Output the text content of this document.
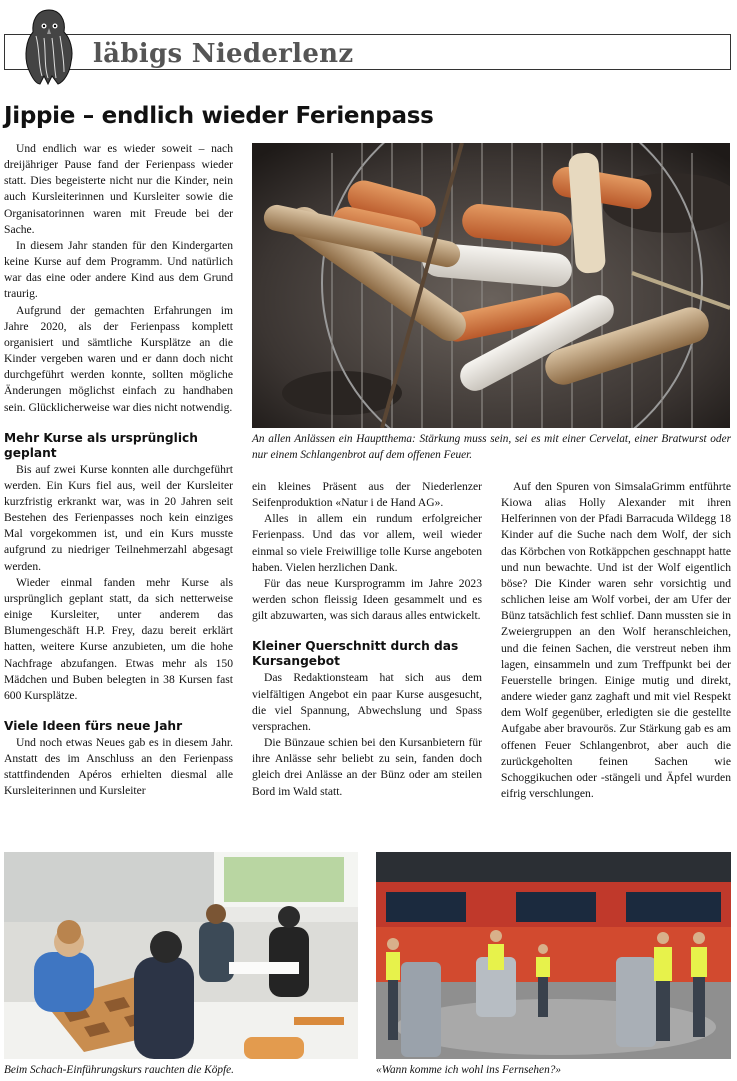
läbigs Niederlenz
Jippie – endlich wieder Ferienpass

Und endlich war es wieder soweit – nach dreijähriger Pause fand der Ferienpass wieder statt. Dies begeisterte nicht nur die Kinder, nein auch Kursleiterinnen und Kursleiter sowie die Organisatorinnen waren mit Freude bei der Sache.

In diesem Jahr standen für den Kindergarten keine Kurse auf dem Programm. Und natürlich war das eine oder andere Kind aus dem Grund traurig.

Aufgrund der gemachten Erfahrungen im Jahre 2020, als der Ferienpass komplett organisiert und sämtliche Kursplätze an die Kinder vergeben waren und er dann doch nicht durchgeführt werden konnte, sollten mögliche Änderungen möglichst einfach zu handhaben sein. Glücklicherweise war dies nicht notwendig.

Mehr Kurse als ursprünglich geplant

Bis auf zwei Kurse konnten alle durchgeführt werden. Ein Kurs fiel aus, weil der Kursleiter kurzfristig erkrankt war, was in 20 Jahren seit Bestehen des Ferienpasses noch kein einziges Mal vorgekommen ist, und ein Kurs musste aufgrund zu niedriger Teilnehmerzahl abgesagt werden.

Wieder einmal fanden mehr Kurse als ursprünglich geplant statt, da sich netterweise einige Kursleiter, unter anderem das Blumengeschäft H.P. Frey, dazu bereit erklärt hatten, weitere Kurse anzubieten, um die hohe Nachfrage abzufangen. Etwas mehr als 150 Mädchen und Buben belegten in 38 Kursen fast 600 Kursplätze.

Viele Ideen fürs neue Jahr

Und noch etwas Neues gab es in diesem Jahr. Anstatt des im Anschluss an den Ferienpass stattfindenden Apéros erhielten diesmal alle Kursleiterinnen und Kursleiter

An allen Anlässen ein Hauptthema: Stärkung muss sein, sei es mit einer Cervelat, einer Bratwurst oder nur einem Schlangenbrot auf dem offenen Feuer.

ein kleines Präsent aus der Niederlenzer Seifenproduktion «Natur i de Hand AG».

Alles in allem ein rundum erfolgreicher Ferienpass. Und das vor allem, weil wieder einmal so viele Freiwillige tolle Kurse angeboten haben. Vielen herzlichen Dank.

Für das neue Kursprogramm im Jahre 2023 werden schon fleissig Ideen gesammelt und es gilt abzuwarten, was sich daraus alles entwickelt.

Kleiner Querschnitt durch das Kursangebot

Das Redaktionsteam hat sich aus dem vielfältigen Angebot ein paar Kurse ausgesucht, die viel Spannung, Abwechslung und Spass versprachen.

Die Bünzaue schien bei den Kursanbietern für ihre Anlässe sehr beliebt zu sein, fanden doch gleich drei Anlässe an der Bünz oder am steilen Bord im Wald statt.

Auf den Spuren von SimsalaGrimm entführte Kiowa alias Holly Alexander mit ihren Helferinnen von der Pfadi Barracuda Wildegg 18 Kinder auf die Suche nach dem Wolf, der sich das Körbchen von Rotkäppchen geschnappt hatte und nun bewachte. Und ist der Wolf eigentlich böse? Die Kinder waren sehr vorsichtig und schlichen leise am Wolf vorbei, der am Ufer der Bünz tatsächlich fest schlief. Dann mussten sie in Zweiergruppen an den Wolf heranschleichen, und die feinen Sachen, die verstreut neben ihm lagen, einsammeln und zum Treffpunkt bei der Feuerstelle bringen. Einige mutig und direkt, andere wieder ganz zaghaft und mit viel Respekt dem Wolf gegenüber, erledigten sie die gestellte Aufgabe aber bravourös. Zur Stärkung gab es am offenen Feuer Schlangenbrot, aber auch die zurückgeholten feinen Sachen wie Schoggikuchen oder -stängeli und Äpfel wurden eifrig verschlungen.

Beim Schach-Einführungskurs rauchten die Köpfe.	«Wann komme ich wohl ins Fernsehen?»
